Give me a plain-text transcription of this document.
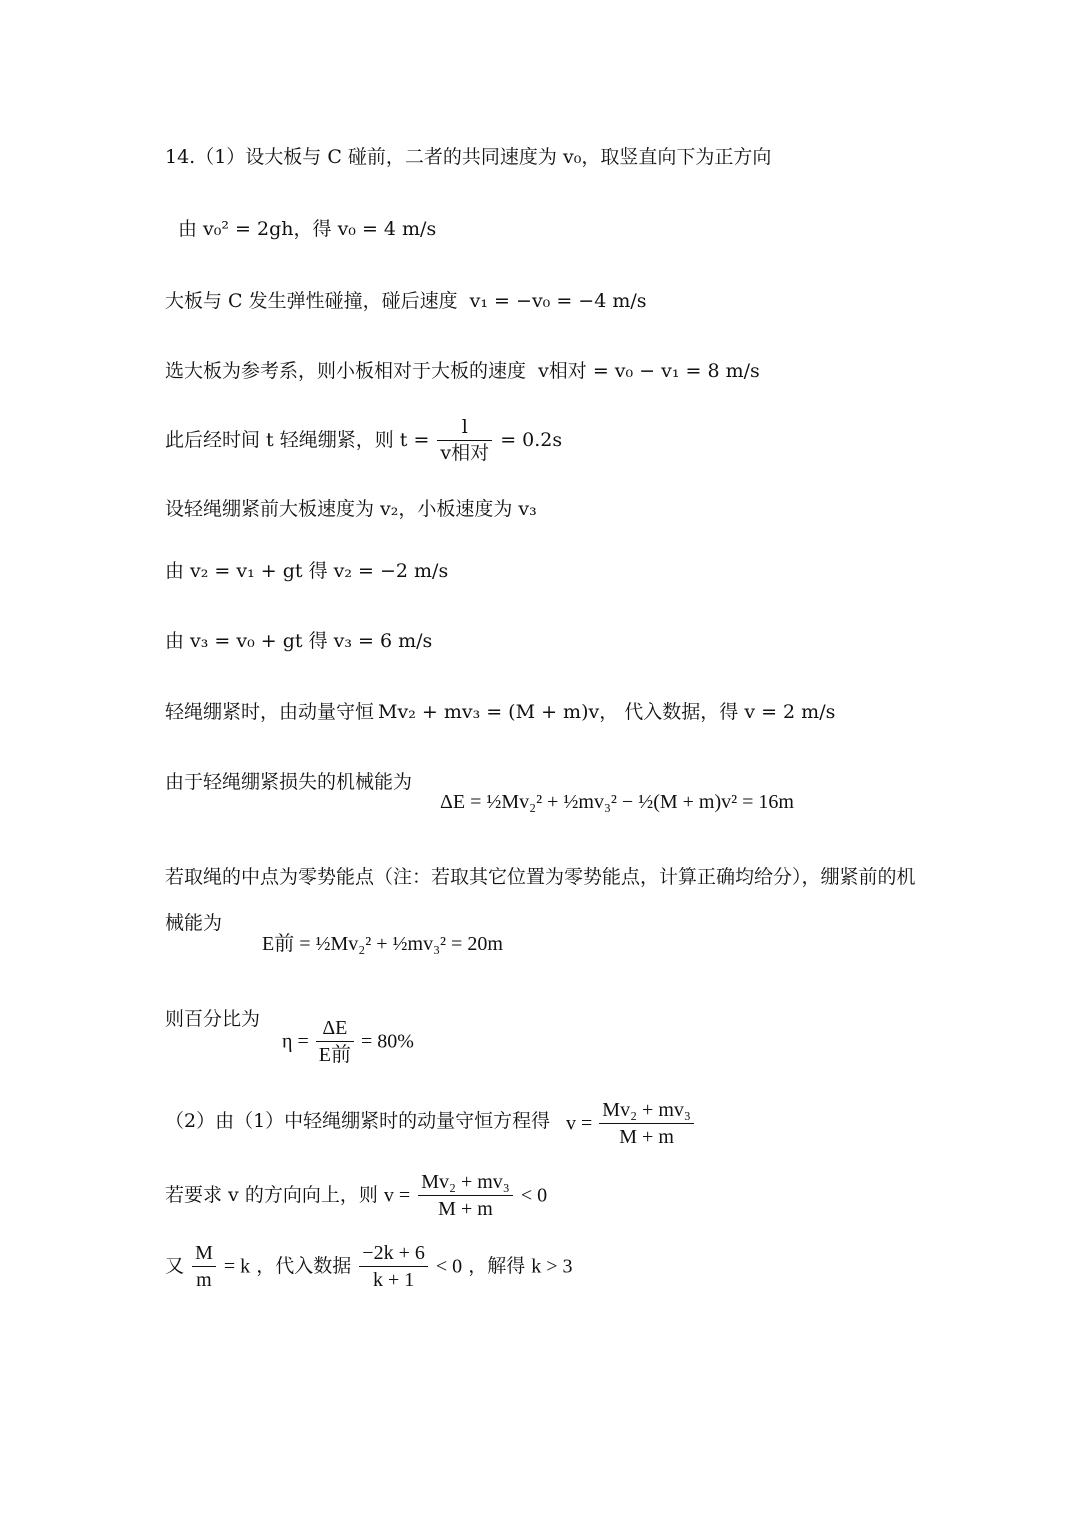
14.（1）设大板与 C 碰前，二者的共同速度为 v₀，取竖直向下为正方向
由 v₀² = 2gh，得 v₀ = 4 m/s
大板与 C 发生弹性碰撞，碰后速度 v₁ = −v₀ = −4 m/s
选大板为参考系，则小板相对于大板的速度 v相对 = v₀ − v₁ = 8 m/s
此后经时间 t 轻绳绷紧，则 $t = \frac{l}{\text{v相对}} = 0.2s$
设轻绳绷紧前大板速度为 v₂，小板速度为 v₃
由 v₂ = v₁ + gt 得 v₂ = −2 m/s
由 v₃ = v₀ + gt 得 v₃ = 6 m/s
轻绳绷紧时，由动量守恒 Mv₂ + mv₃ = (M + m)v， 代入数据，得 v = 2 m/s
由于轻绳绷紧损失的机械能为
ΔE = ½Mv₂² + ½mv₃² − ½(M + m)v² = 16m
若取绳的中点为零势能点（注：若取其它位置为零势能点，计算正确均给分），绷紧前的机
械能为
E前 = ½Mv₂² + ½mv₃² = 20m
则百分比为
$\eta = \frac{\Delta E}{\text{E前}} = 80\%$
（2）由（1）中轻绳绷紧时的动量守恒方程得 $v = \frac{\text{Mv₂ + mv₃}}{M + m}$
若要求 v 的方向向上，则 $v = \frac{\text{Mv₂ + mv₃}}{M + m} < 0$
又 $\frac{M}{m} = k$ ，代入数据 $\frac{-2k + 6}{k + 1} < 0$ ，解得 k > 3
